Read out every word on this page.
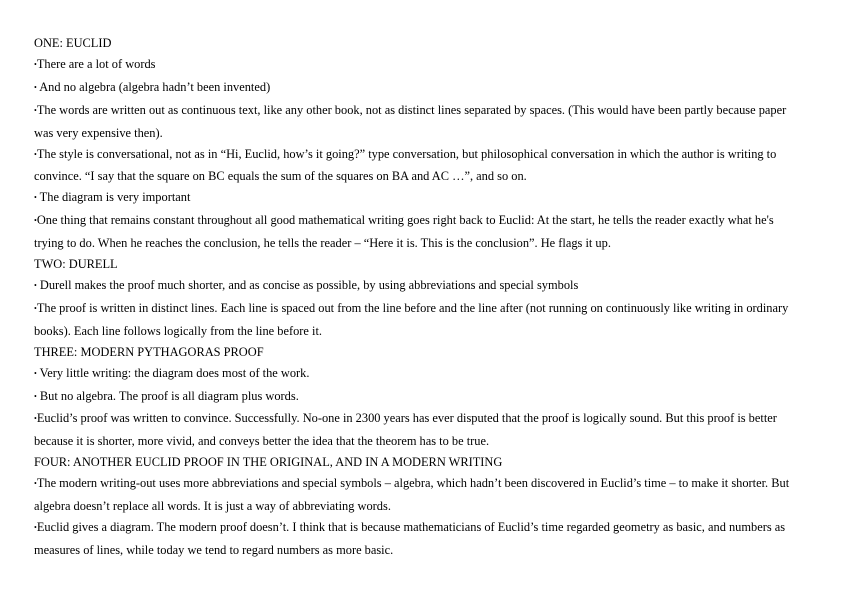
ONE: EUCLID

•There are a lot of words

• And no algebra (algebra hadn’t been invented)

•The words are written out as continuous text, like any other book, not as distinct lines separated by spaces. (This would have been partly because paper was very expensive then).

•The style is conversational, not as in “Hi, Euclid, how’s it going?” type conversation, but philosophical conversation in which the author is writing to convince. “I say that the square on BC equals the sum of the squares on BA and AC …”, and so on.

• The diagram is very important

•One thing that remains constant throughout all good mathematical writing goes right back to Euclid: At the start, he tells the reader exactly what he's trying to do. When he reaches the conclusion, he tells the reader – “Here it is. This is the conclusion”. He flags it up.

TWO: DURELL

• Durell makes the proof much shorter, and as concise as possible, by using abbreviations and special symbols

•The proof is written in distinct lines. Each line is spaced out from the line before and the line after (not running on continuously like writing in ordinary books). Each line follows logically from the line before it.

THREE: MODERN PYTHAGORAS PROOF

• Very little writing: the diagram does most of the work.

• But no algebra. The proof is all diagram plus words.

•Euclid’s proof was written to convince. Successfully. No-one in 2300 years has ever disputed that the proof is logically sound. But this proof is better because it is shorter, more vivid, and conveys better the idea that the theorem has to be true.

FOUR: ANOTHER EUCLID PROOF IN THE ORIGINAL, AND IN A MODERN WRITING

•The modern writing-out uses more abbreviations and special symbols – algebra, which hadn’t been discovered in Euclid’s time – to make it shorter. But algebra doesn’t replace all words. It is just a way of abbreviating words.

•Euclid gives a diagram. The modern proof doesn’t. I think that is because mathematicians of Euclid’s time regarded geometry as basic, and numbers as measures of lines, while today we tend to regard numbers as more basic.
